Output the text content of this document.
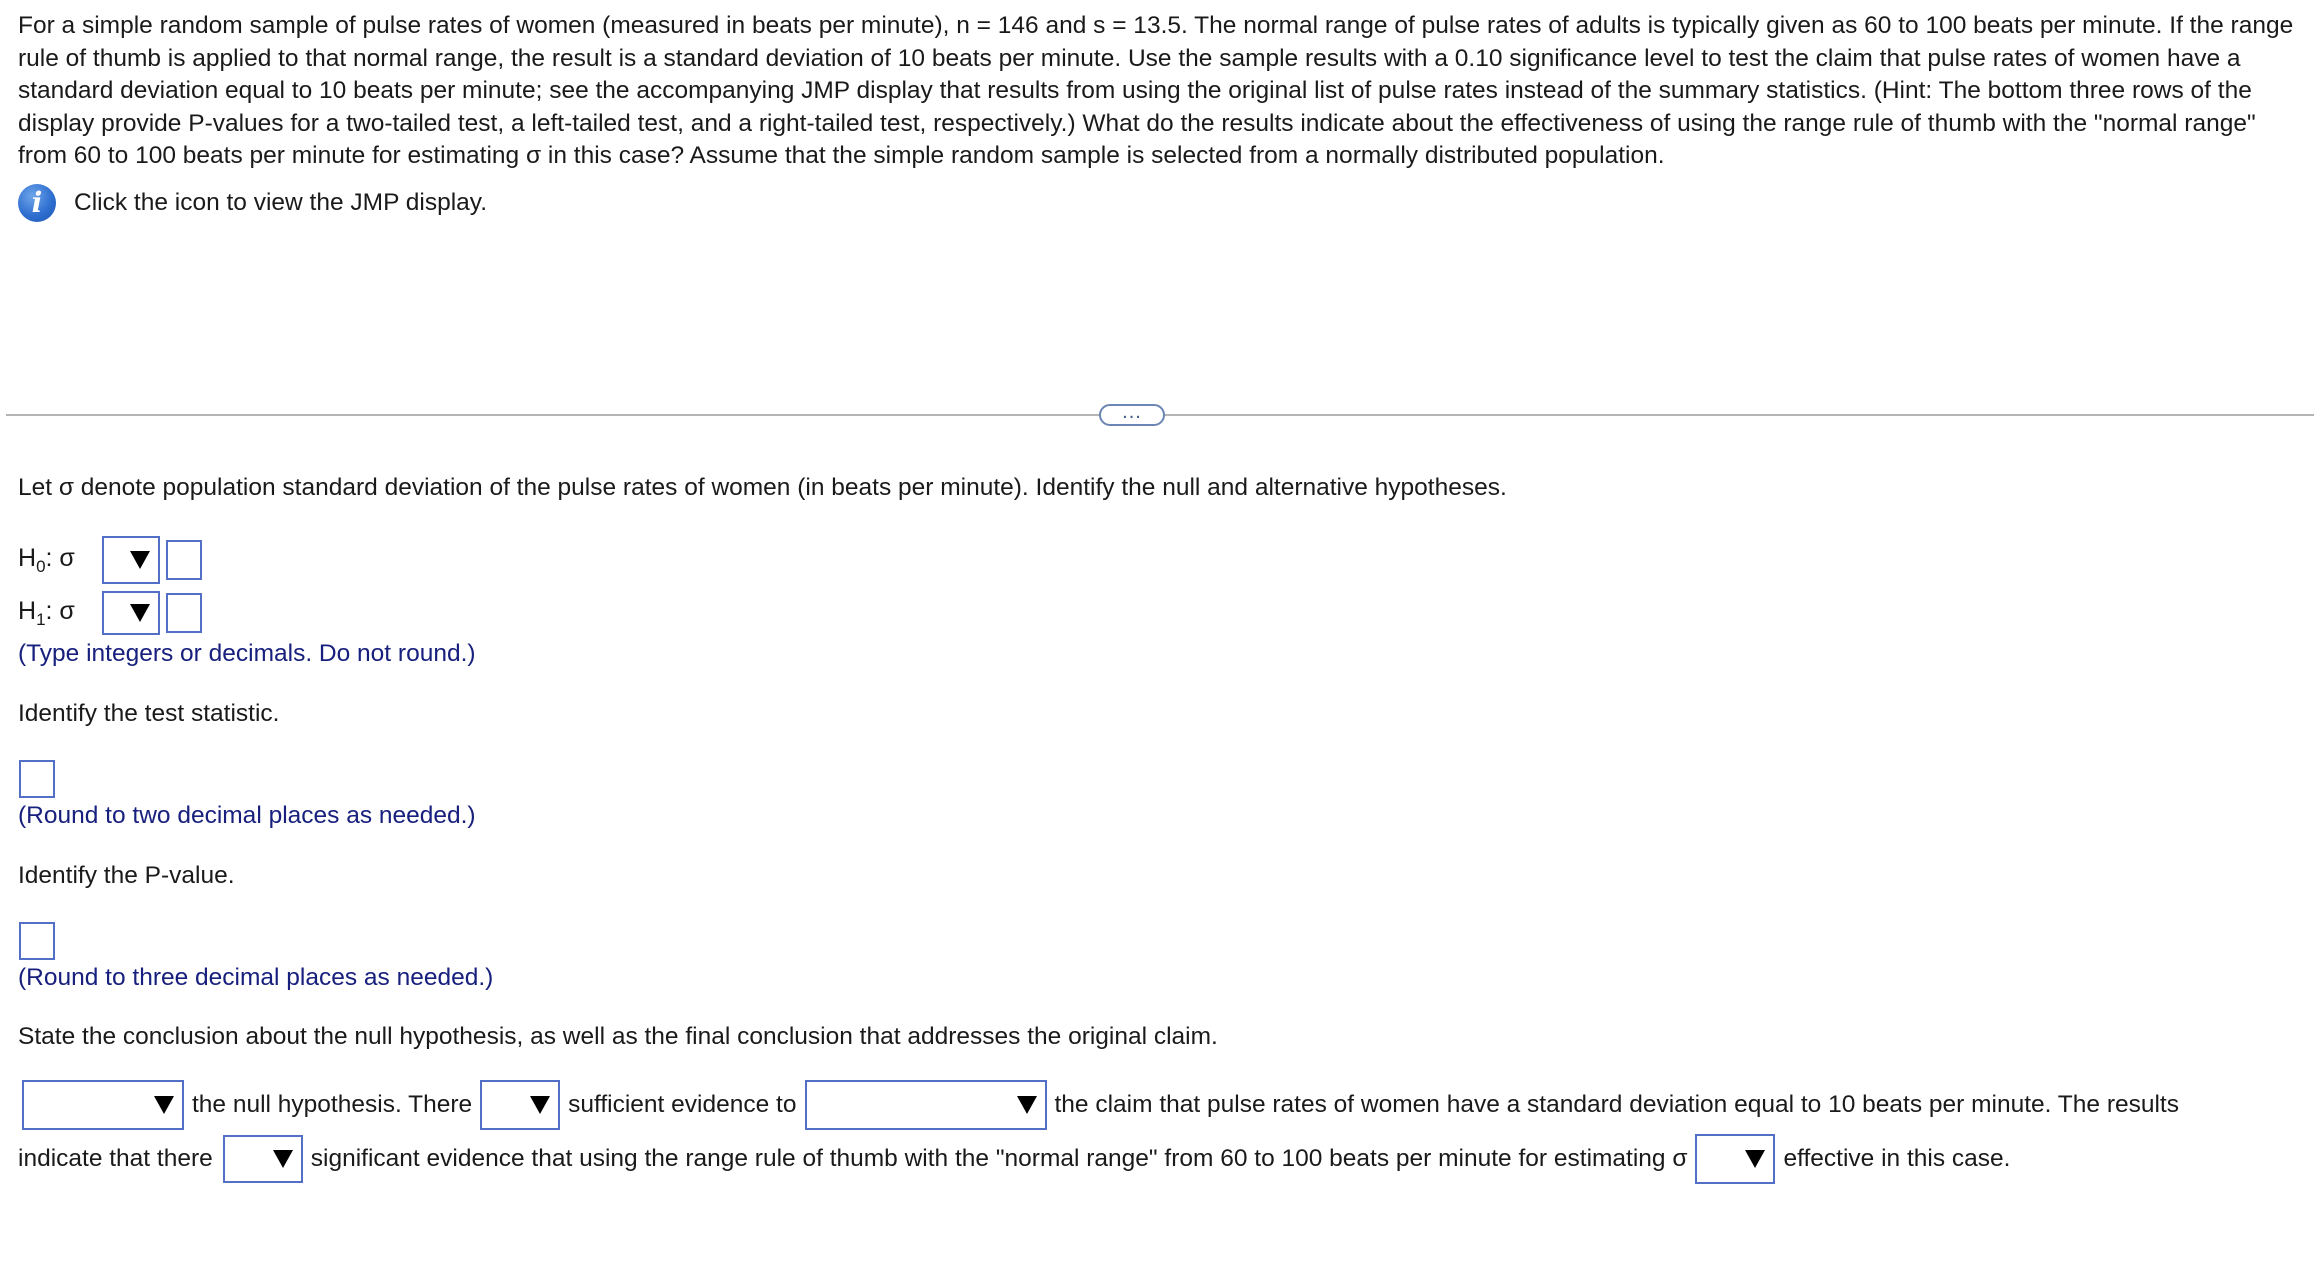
For a simple random sample of pulse rates of women (measured in beats per minute), n = 146 and s = 13.5. The normal range of pulse rates of adults is typically given as 60 to 100 beats per minute. If the range rule of thumb is applied to that normal range, the result is a standard deviation of 10 beats per minute. Use the sample results with a 0.10 significance level to test the claim that pulse rates of women have a standard deviation equal to 10 beats per minute; see the accompanying JMP display that results from using the original list of pulse rates instead of the summary statistics. (Hint: The bottom three rows of the display provide P-values for a two-tailed test, a left-tailed test, and a right-tailed test, respectively.) What do the results indicate about the effectiveness of using the range rule of thumb with the "normal range" from 60 to 100 beats per minute for estimating σ in this case? Assume that the simple random sample is selected from a normally distributed population.
i	Click the icon to view the JMP display.
...
Let σ denote population standard deviation of the pulse rates of women (in beats per minute). Identify the null and alternative hypotheses.
$H_0$: σ
$H_1$: σ
(Type integers or decimals. Do not round.)
Identify the test statistic.
(Round to two decimal places as needed.)
Identify the P-value.
(Round to three decimal places as needed.)
State the conclusion about the null hypothesis, as well as the final conclusion that addresses the original claim.
the null hypothesis. There	sufficient evidence to	the claim that pulse rates of women have a standard deviation equal to 10 beats per minute. The results
indicate that there	significant evidence that using the range rule of thumb with the "normal range" from 60 to 100 beats per minute for estimating σ	effective in this case.
